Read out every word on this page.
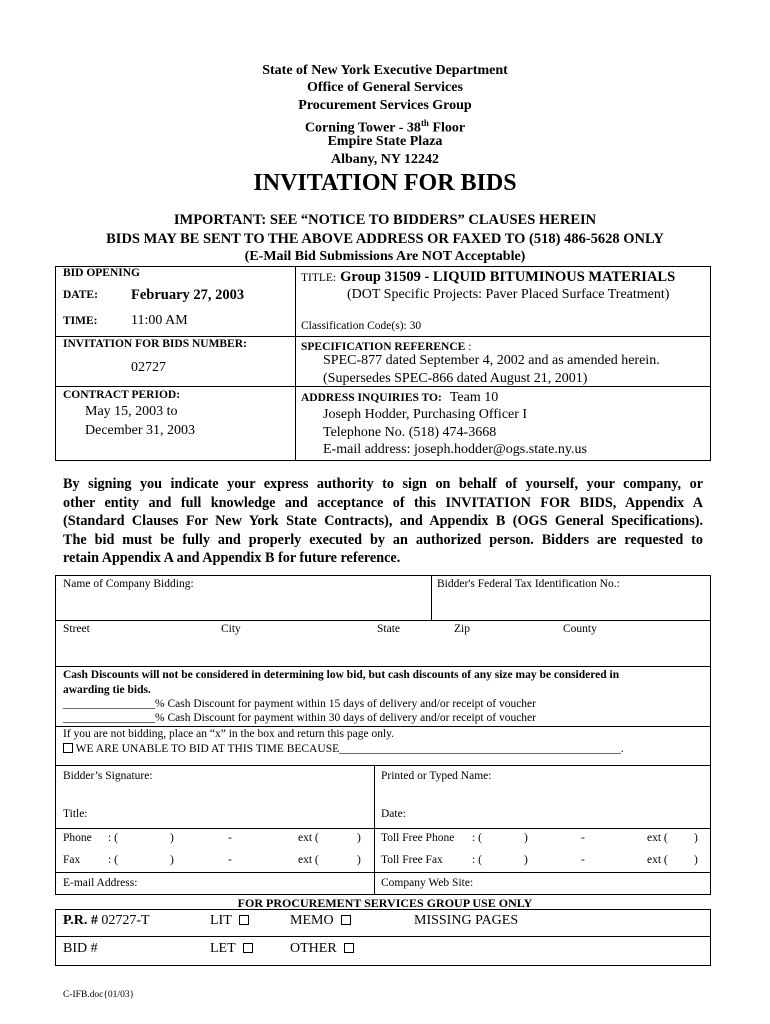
State of New York Executive Department
Office of General Services
Procurement Services Group
Corning Tower - 38th Floor
Empire State Plaza
Albany, NY 12242
INVITATION FOR BIDS
IMPORTANT: SEE “NOTICE TO BIDDERS” CLAUSES HEREIN
BIDS MAY BE SENT TO THE ABOVE ADDRESS OR FAXED TO (518) 486-5628 ONLY
(E-Mail Bid Submissions Are NOT Acceptable)
BID OPENING
DATE: February 27, 2003
TIME: 11:00 AM
TITLE: Group 31509 - LIQUID BITUMINOUS MATERIALS
(DOT Specific Projects: Paver Placed Surface Treatment)
Classification Code(s): 30
INVITATION FOR BIDS NUMBER:
02727
SPECIFICATION REFERENCE :
SPEC-877 dated September 4, 2002 and as amended herein.
(Supersedes SPEC-866 dated August 21, 2001)
CONTRACT PERIOD:
May 15, 2003 to
December 31, 2003
ADDRESS INQUIRIES TO: Team 10
Joseph Hodder, Purchasing Officer I
Telephone No. (518) 474-3668
E-mail address: joseph.hodder@ogs.state.ny.us
By signing you indicate your express authority to sign on behalf of yourself, your company, or
other entity and full knowledge and acceptance of this INVITATION FOR BIDS, Appendix A
(Standard Clauses For New York State Contracts), and Appendix B (OGS General Specifications).
The bid must be fully and properly executed by an authorized person. Bidders are requested to
retain Appendix A and Appendix B for future reference.
Name of Company Bidding:	Bidder's Federal Tax Identification No.:
Street	City	State	Zip	County
Cash Discounts will not be considered in determining low bid, but cash discounts of any size may be considered in
awarding tie bids.
________________% Cash Discount for payment within 15 days of delivery and/or receipt of voucher
________________% Cash Discount for payment within 30 days of delivery and/or receipt of voucher
If you are not bidding, place an “x” in the box and return this page only.
WE ARE UNABLE TO BID AT THIS TIME BECAUSE_________________________________________________.
Bidder’s Signature:	Printed or Typed Name:
Title:	Date:
Phone : (	)	-	ext (	) Toll Free Phone : (	)	-	ext ( )
Fax : (	)	-	ext (	) Toll Free Fax	: (	)	-	ext ( )
E-mail Address:	Company Web Site:
FOR PROCUREMENT SERVICES GROUP USE ONLY
P.R. # 02727-T	LIT	MEMO	MISSING PAGES
BID #	LET	OTHER
C-IFB.doc{01/03}
